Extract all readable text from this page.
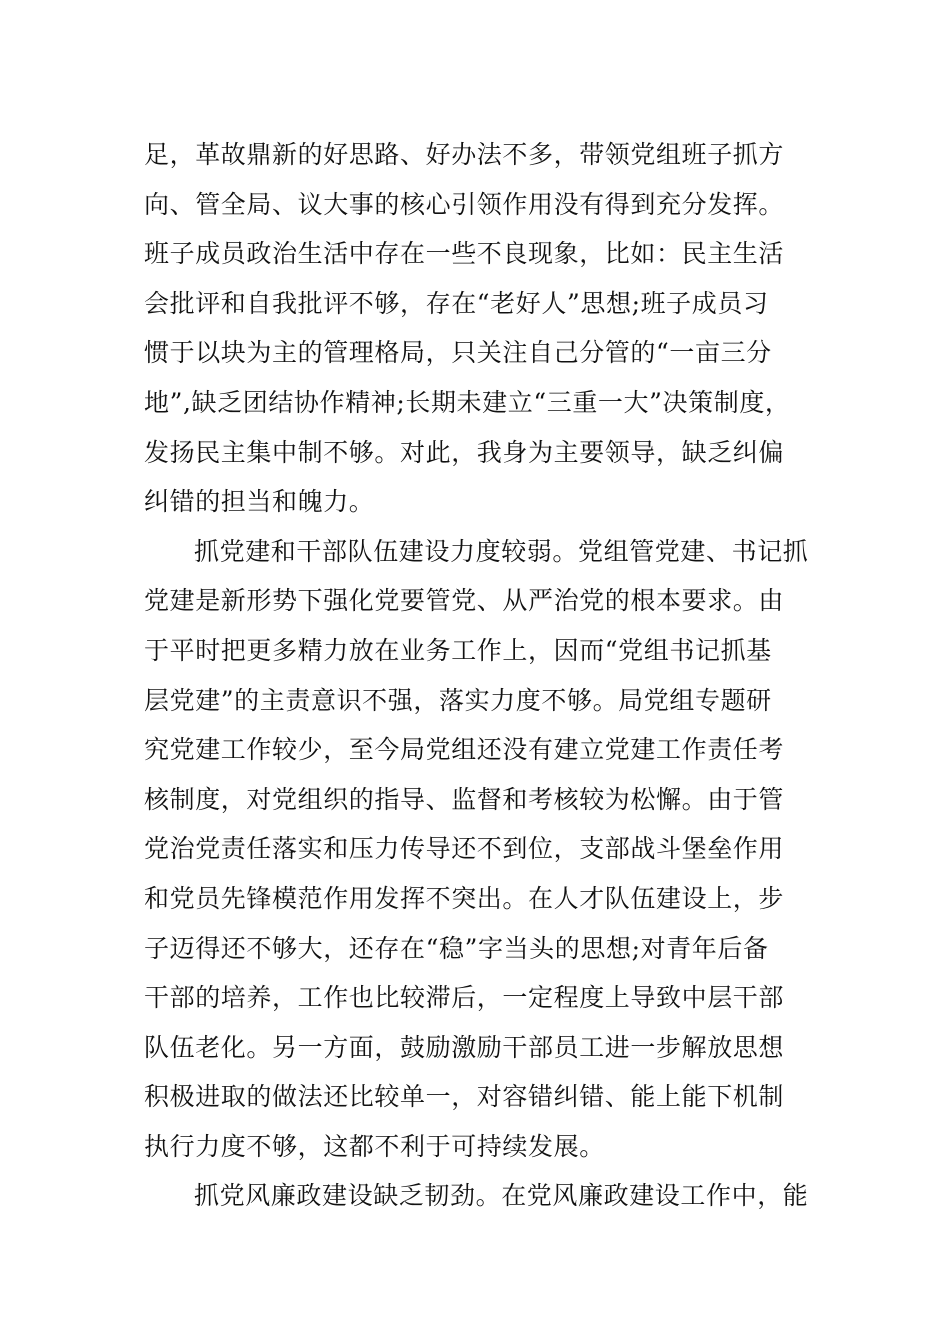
足，革故鼎新的好思路、好办法不多，带领党组班子抓方
向、管全局、议大事的核心引领作用没有得到充分发挥。
班子成员政治生活中存在一些不良现象，比如：民主生活
会批评和自我批评不够，存在“老好人”思想;班子成员习
惯于以块为主的管理格局，只关注自己分管的“一亩三分
地”,缺乏团结协作精神;长期未建立“三重一大”决策制度，
发扬民主集中制不够。对此，我身为主要领导，缺乏纠偏
纠错的担当和魄力。
抓党建和干部队伍建设力度较弱。党组管党建、书记抓
党建是新形势下强化党要管党、从严治党的根本要求。由
于平时把更多精力放在业务工作上，因而“党组书记抓基
层党建”的主责意识不强，落实力度不够。局党组专题研
究党建工作较少，至今局党组还没有建立党建工作责任考
核制度，对党组织的指导、监督和考核较为松懈。由于管
党治党责任落实和压力传导还不到位，支部战斗堡垒作用
和党员先锋模范作用发挥不突出。在人才队伍建设上，步
子迈得还不够大，还存在“稳”字当头的思想;对青年后备
干部的培养，工作也比较滞后，一定程度上导致中层干部
队伍老化。另一方面，鼓励激励干部员工进一步解放思想
积极进取的做法还比较单一，对容错纠错、能上能下机制
执行力度不够，这都不利于可持续发展。
抓党风廉政建设缺乏韧劲。在党风廉政建设工作中，能
